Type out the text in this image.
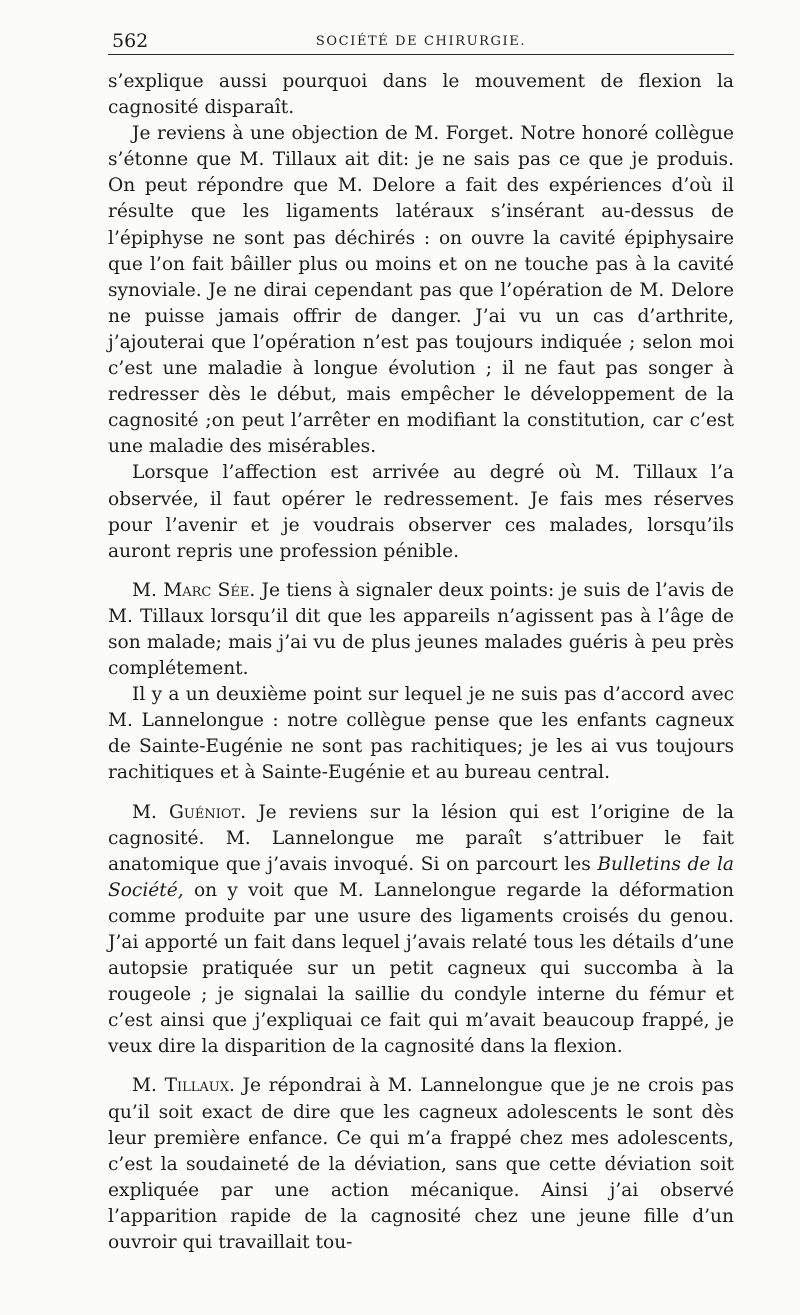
562	SOCIÉTÉ DE CHIRURGIE.

s’explique aussi pourquoi dans le mouvement de flexion la cagnosité disparaît.

Je reviens à une objection de M. Forget. Notre honoré collègue s’étonne que M. Tillaux ait dit: je ne sais pas ce que je produis. On peut répondre que M. Delore a fait des expériences d’où il résulte que les ligaments latéraux s’insérant au-dessus de l’épiphyse ne sont pas déchirés : on ouvre la cavité épiphysaire que l’on fait bâiller plus ou moins et on ne touche pas à la cavité synoviale. Je ne dirai cependant pas que l’opération de M. Delore ne puisse jamais offrir de danger. J’ai vu un cas d’arthrite, j’ajouterai que l’opération n’est pas toujours indiquée ; selon moi c’est une maladie à longue évolution ; il ne faut pas songer à redresser dès le début, mais empêcher le développement de la cagnosité ;on peut l’arrêter en modifiant la constitution, car c’est une maladie des misérables.

Lorsque l’affection est arrivée au degré où M. Tillaux l’a observée, il faut opérer le redressement. Je fais mes réserves pour l’avenir et je voudrais observer ces malades, lorsqu’ils auront repris une profession pénible.

M. Marc Sée. Je tiens à signaler deux points: je suis de l’avis de M. Tillaux lorsqu’il dit que les appareils n’agissent pas à l’âge de son malade; mais j’ai vu de plus jeunes malades guéris à peu près complétement.

Il y a un deuxième point sur lequel je ne suis pas d’accord avec M. Lannelongue : notre collègue pense que les enfants cagneux de Sainte-Eugénie ne sont pas rachitiques; je les ai vus toujours rachitiques et à Sainte-Eugénie et au bureau central.

M. Guéniot. Je reviens sur la lésion qui est l’origine de la cagnosité. M. Lannelongue me paraît s’attribuer le fait anatomique que j’avais invoqué. Si on parcourt les Bulletins de la Société, on y voit que M. Lannelongue regarde la déformation comme produite par une usure des ligaments croisés du genou. J’ai apporté un fait dans lequel j’avais relaté tous les détails d’une autopsie pratiquée sur un petit cagneux qui succomba à la rougeole ; je signalai la saillie du condyle interne du fémur et c’est ainsi que j’expliquai ce fait qui m’avait beaucoup frappé, je veux dire la disparition de la cagnosité dans la flexion.

M. Tillaux. Je répondrai à M. Lannelongue que je ne crois pas qu’il soit exact de dire que les cagneux adolescents le sont dès leur première enfance. Ce qui m’a frappé chez mes adolescents, c’est la soudaineté de la déviation, sans que cette déviation soit expliquée par une action mécanique. Ainsi j’ai observé l’apparition rapide de la cagnosité chez une jeune fille d’un ouvroir qui travaillait tou-
